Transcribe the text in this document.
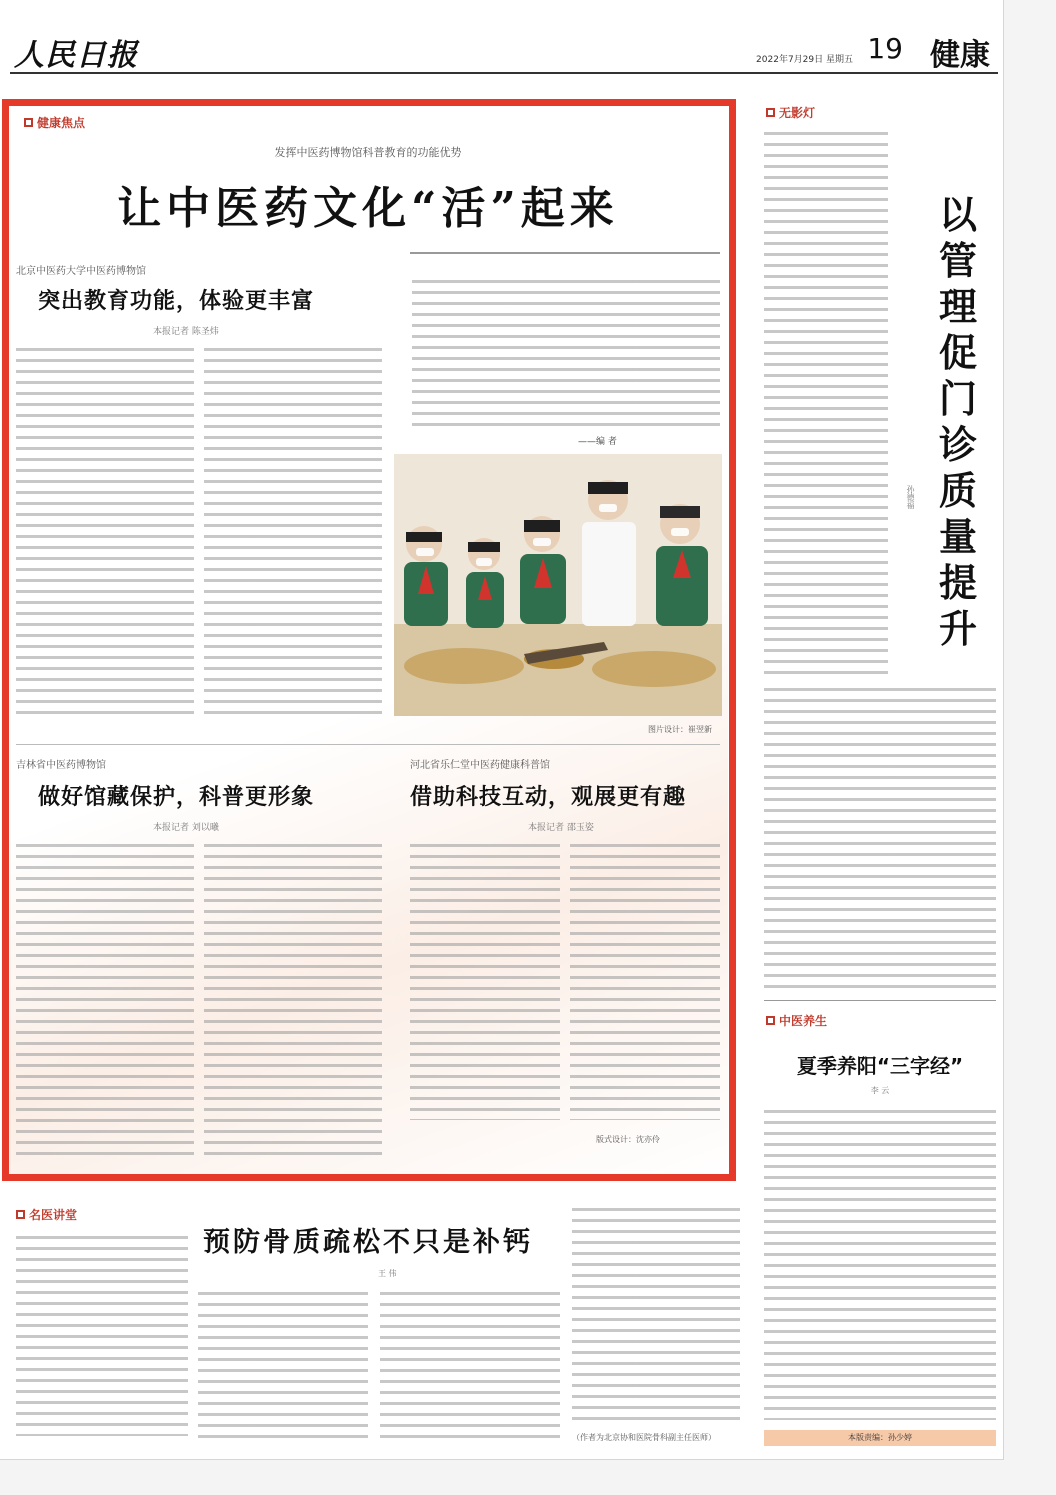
人民日报	2022年7月29日 星期五 19 健康
健康焦点
发挥中医药博物馆科普教育的功能优势
让中医药文化“活”起来
北京中医药大学中医药博物馆
突出教育功能，体验更丰富
本报记者 陈圣炜
——编 者
图片设计：崔翌新
吉林省中医药博物馆
做好馆藏保护，科普更形象
本报记者 刘以曦
河北省乐仁堂中医药健康科普馆
借助科技互动，观展更有趣
本报记者 邵玉姿
版式设计：沈亦伶
无影灯
以管理促门诊质量提升
孙德福
中医养生
夏季养阳“三字经”
李 云
本版责编：孙少婷
名医讲堂
预防骨质疏松不只是补钙
王 伟
（作者为北京协和医院骨科副主任医师）
